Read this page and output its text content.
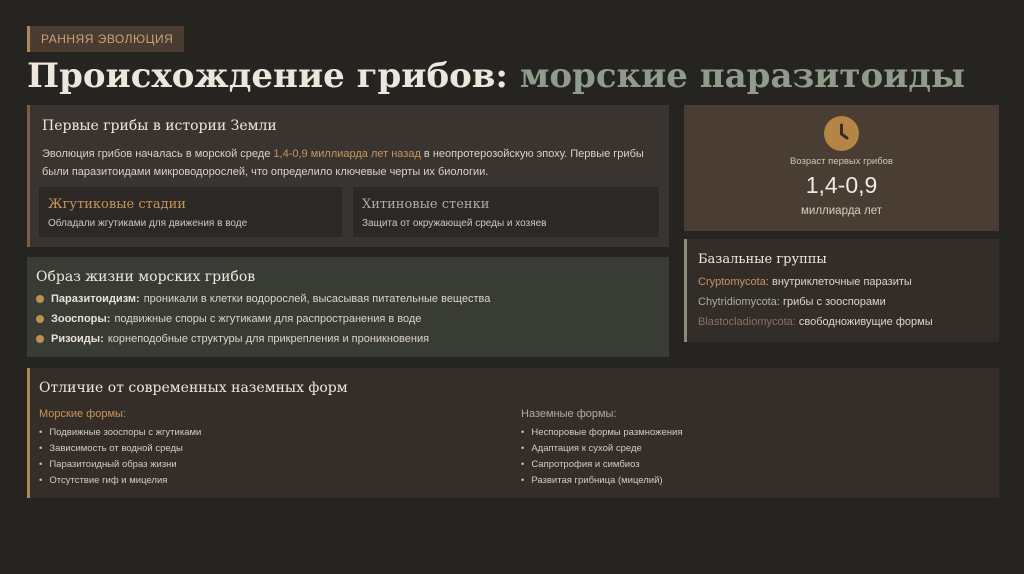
РАННЯЯ ЭВОЛЮЦИЯ
Происхождение грибов: морские паразитоиды
Первые грибы в истории Земли

Эволюция грибов началась в морской среде 1,4-0,9 миллиарда лет назад в неопротерозойскую эпоху. Первые грибы были паразитоидами микроводорослей, что определило ключевые черты их биологии.

Жгутиковые стадии
Обладали жгутиками для движения в воде
Хитиновые стенки
Защита от окружающей среды и хозяев
Образ жизни морских грибов
Паразитоидизм: проникали в клетки водорослей, высасывая питательные вещества
Зооспоры: подвижные споры с жгутиками для распространения в воде
Ризоиды: корнеподобные структуры для прикрепления и проникновения
Возраст первых грибов
1,4-0,9
миллиарда лет
Базальные группы
Cryptomycota: внутриклеточные паразиты
Chytridiomycota: грибы с зооспорами
Blastocladiomycota: свободноживущие формы
Отличие от современных наземных форм
Морские формы:
• Подвижные зооспоры с жгутиками
• Зависимость от водной среды
• Паразитоидный образ жизни
• Отсутствие гиф и мицелия
Наземные формы:
• Неспоровые формы размножения
• Адаптация к сухой среде
• Сапротрофия и симбиоз
• Развитая грибница (мицелий)
